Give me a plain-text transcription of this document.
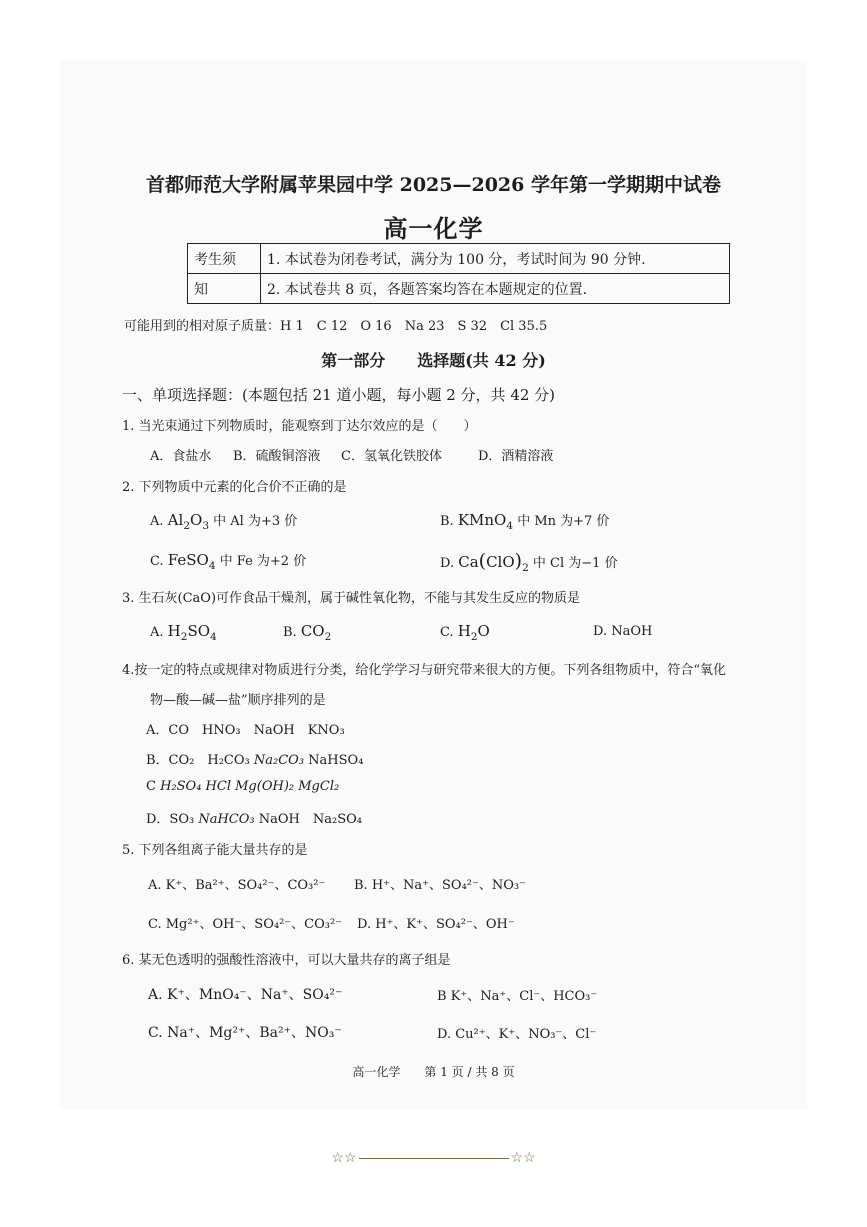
首都师范大学附属苹果园中学 2025—2026 学年第一学期期中试卷
高一化学
考生须	1. 本试卷为闭卷考试，满分为 100 分，考试时间为 90 分钟.
知	2. 本试卷共 8 页，各题答案均答在本题规定的位置.
可能用到的相对原子质量：H 1　C 12　O 16　Na 23　S 32　Cl 35.5
第一部分　　选择题(共 42 分)
一、单项选择题：(本题包括 21 道小题，每小题 2 分，共 42 分)
1. 当光束通过下列物质时，能观察到丁达尔效应的是（　　）
A．食盐水 B．硫酸铜溶液 C．氢氧化铁胶体	D．酒精溶液
2. 下列物质中元素的化合价不正确的是
A. $Al_2O_3$ 中 Al 为+3 价	B. KMnO$_4$ 中 Mn 为+7 价
C. FeSO$_4$ 中 Fe 为+2 价	D. $Ca(ClO)_2$ 中 Cl 为−1 价
3. 生石灰(CaO)可作食品干燥剂，属于碱性氧化物，不能与其发生反应的物质是
A. $H_2SO_4$	B. $CO_2$	C. $H_2O$	D. NaOH
4.按一定的特点或规律对物质进行分类，给化学学习与研究带来很大的方便。下列各组物质中，符合“氧化
物—酸—碱—盐”顺序排列的是
A．CO　HNO₃　NaOH　KNO₃
B．CO₂　H₂CO₃ Na₂CO₃ NaHSO₄
C H₂SO₄ HCl Mg(OH)₂ MgCl₂
D．SO₃ NaHCO₃ NaOH　Na₂SO₄
5. 下列各组离子能大量共存的是
A. K⁺、Ba²⁺、SO₄²⁻、CO₃²⁻ B. H⁺、Na⁺、SO₄²⁻、NO₃⁻
C. Mg²⁺、OH⁻、SO₄²⁻、CO₃²⁻ D. H⁺、K⁺、SO₄²⁻、OH⁻
6. 某无色透明的强酸性溶液中，可以大量共存的离子组是
A. K⁺、MnO₄⁻、Na⁺、SO₄²⁻	B K⁺、Na⁺、Cl⁻、HCO₃⁻
C. Na⁺、Mg²⁺、Ba²⁺、NO₃⁻	D. Cu²⁺、K⁺、NO₃⁻、Cl⁻
高一化学　　第 1 页 / 共 8 页
☆☆	☆☆
